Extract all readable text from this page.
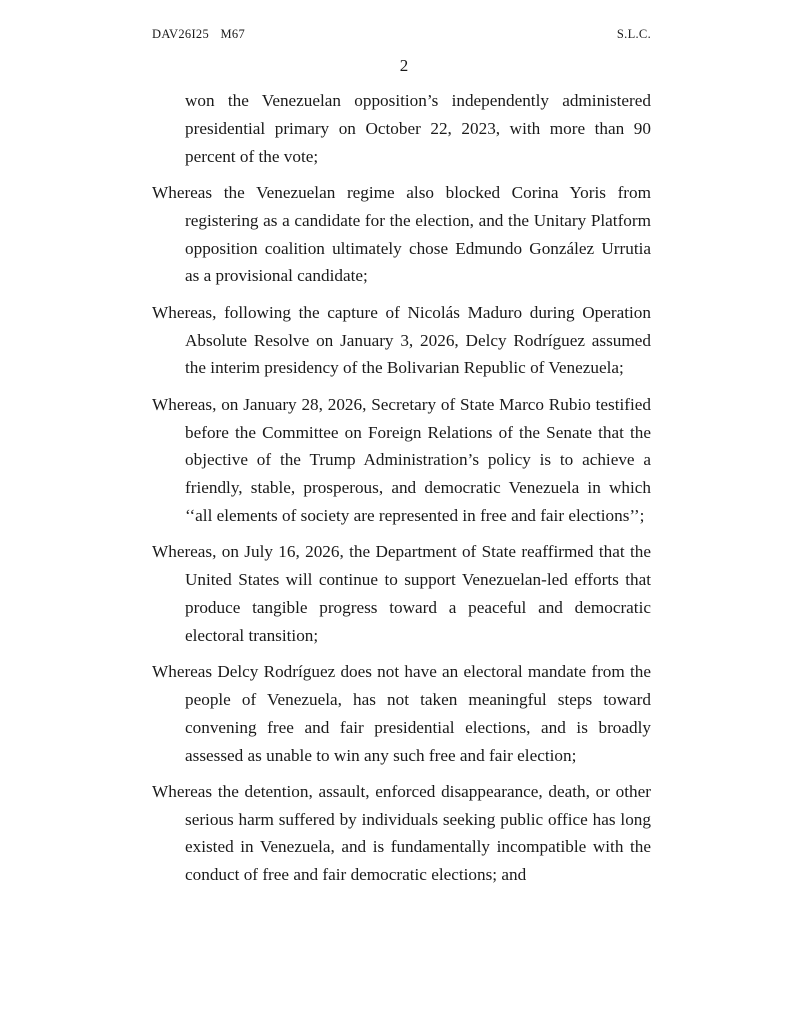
DAV26I25 M67	S.L.C.
2

won the Venezuelan opposition’s independently administered presidential primary on October 22, 2023, with more than 90 percent of the vote;

Whereas the Venezuelan regime also blocked Corina Yoris from registering as a candidate for the election, and the Unitary Platform opposition coalition ultimately chose Edmundo González Urrutia as a provisional candidate;

Whereas, following the capture of Nicolás Maduro during Operation Absolute Resolve on January 3, 2026, Delcy Rodríguez assumed the interim presidency of the Bolivarian Republic of Venezuela;

Whereas, on January 28, 2026, Secretary of State Marco Rubio testified before the Committee on Foreign Relations of the Senate that the objective of the Trump Administration’s policy is to achieve a friendly, stable, prosperous, and democratic Venezuela in which ‘‘all elements of society are represented in free and fair elections’’;

Whereas, on July 16, 2026, the Department of State reaffirmed that the United States will continue to support Venezuelan-led efforts that produce tangible progress toward a peaceful and democratic electoral transition;

Whereas Delcy Rodríguez does not have an electoral mandate from the people of Venezuela, has not taken meaningful steps toward convening free and fair presidential elections, and is broadly assessed as unable to win any such free and fair election;

Whereas the detention, assault, enforced disappearance, death, or other serious harm suffered by individuals seeking public office has long existed in Venezuela, and is fundamentally incompatible with the conduct of free and fair democratic elections; and
